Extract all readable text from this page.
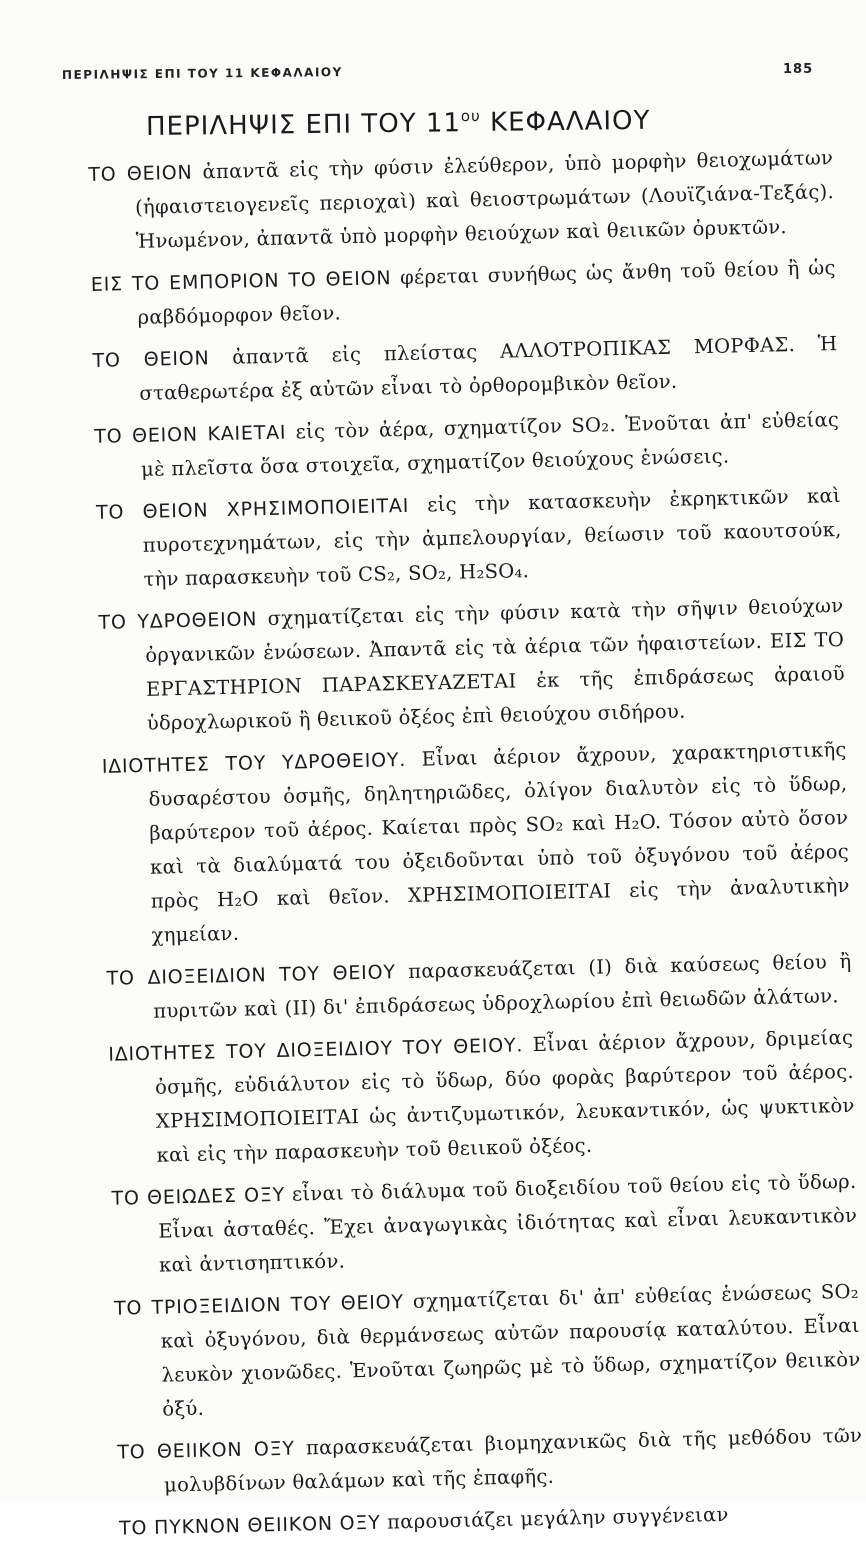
ΠΕΡΙΛΗΨΙΣ ΕΠΙ ΤΟΥ 11 ΚΕΦΑΛΑΙΟΥ	185
ΠΕΡΙΛΗΨΙΣ ΕΠΙ ΤΟΥ $11^{o\upsilon}$ ΚΕΦΑΛΑΙΟΥ

ΤΟ ΘΕΙΟΝ ἀπαντᾶ εἰς τὴν φύσιν ἐλεύθερον, ὑπὸ μορφὴν θειοχωμάτων (ἡφαιστειογενεῖς περιοχαὶ) καὶ θειοστρωμάτων (Λουϊζιάνα-Τεξάς). Ἡνωμένον, ἀπαντᾶ ὑπὸ μορφὴν θειούχων καὶ θειικῶν ὀρυκτῶν.

ΕΙΣ ΤΟ ΕΜΠΟΡΙΟΝ ΤΟ ΘΕΙΟΝ φέρεται συνήθως ὡς ἄνθη τοῦ θείου ἢ ὡς ραβδόμορφον θεῖον.

ΤΟ ΘΕΙΟΝ ἀπαντᾶ εἰς πλείστας ΑΛΛΟΤΡΟΠΙΚΑΣ ΜΟΡΦΑΣ. Ἡ σταθερωτέρα ἐξ αὐτῶν εἶναι τὸ ὀρθορομβικὸν θεῖον.

ΤΟ ΘΕΙΟΝ ΚΑΙΕΤΑΙ εἰς τὸν ἀέρα, σχηματίζον SO₂. Ἑνοῦται ἀπ' εὐθείας μὲ πλεῖστα ὅσα στοιχεῖα, σχηματίζον θειούχους ἑνώσεις.

ΤΟ ΘΕΙΟΝ ΧΡΗΣΙΜΟΠΟΙΕΙΤΑΙ εἰς τὴν κατασκευὴν ἐκρηκτικῶν καὶ πυροτεχνημάτων, εἰς τὴν ἀμπελουργίαν, θείωσιν τοῦ καουτσούκ, τὴν παρασκευὴν τοῦ CS₂, SO₂, H₂SO₄.

ΤΟ ΥΔΡΟΘΕΙΟΝ σχηματίζεται εἰς τὴν φύσιν κατὰ τὴν σῆψιν θειούχων ὀργανικῶν ἑνώσεων. Ἀπαντᾶ εἰς τὰ ἀέρια τῶν ἡφαιστείων. ΕΙΣ ΤΟ ΕΡΓΑΣΤΗΡΙΟΝ ΠΑΡΑΣΚΕΥΑΖΕΤΑΙ ἐκ τῆς ἐπιδράσεως ἀραιοῦ ὑδροχλωρικοῦ ἢ θειικοῦ ὀξέος ἐπὶ θειούχου σιδήρου.

ΙΔΙΟΤΗΤΕΣ ΤΟΥ ΥΔΡΟΘΕΙΟΥ. Εἶναι ἀέριον ἄχρουν, χαρακτηριστικῆς δυσαρέστου ὀσμῆς, δηλητηριῶδες, ὀλίγον διαλυτὸν εἰς τὸ ὕδωρ, βαρύτερον τοῦ ἀέρος. Καίεται πρὸς SO₂ καὶ H₂O. Τόσον αὐτὸ ὅσον καὶ τὰ διαλύματά του ὀξειδοῦνται ὑπὸ τοῦ ὀξυγόνου τοῦ ἀέρος πρὸς H₂O καὶ θεῖον. ΧΡΗΣΙΜΟΠΟΙΕΙΤΑΙ εἰς τὴν ἀναλυτικὴν χημείαν.

ΤΟ ΔΙΟΞΕΙΔΙΟΝ ΤΟΥ ΘΕΙΟΥ παρασκευάζεται (I) διὰ καύσεως θείου ἢ πυριτῶν καὶ (II) δι' ἐπιδράσεως ὑδροχλωρίου ἐπὶ θειωδῶν ἀλάτων.

ΙΔΙΟΤΗΤΕΣ ΤΟΥ ΔΙΟΞΕΙΔΙΟΥ ΤΟΥ ΘΕΙΟΥ. Εἶναι ἀέριον ἄχρουν, δριμείας ὀσμῆς, εὐδιάλυτον εἰς τὸ ὕδωρ, δύο φορὰς βαρύτερον τοῦ ἀέρος. ΧΡΗΣΙΜΟΠΟΙΕΙΤΑΙ ὡς ἀντιζυμωτικόν, λευκαντικόν, ὡς ψυκτικὸν καὶ εἰς τὴν παρασκευὴν τοῦ θειικοῦ ὀξέος.

ΤΟ ΘΕΙΩΔΕΣ ΟΞΥ εἶναι τὸ διάλυμα τοῦ διοξειδίου τοῦ θείου εἰς τὸ ὕδωρ. Εἶναι ἀσταθές. Ἔχει ἀναγωγικὰς ἰδιότητας καὶ εἶναι λευκαντικὸν καὶ ἀντισηπτικόν.

ΤΟ ΤΡΙΟΞΕΙΔΙΟΝ ΤΟΥ ΘΕΙΟΥ σχηματίζεται δι' ἀπ' εὐθείας ἑνώσεως SO₂ καὶ ὀξυγόνου, διὰ θερμάνσεως αὐτῶν παρουσίᾳ καταλύτου. Εἶναι λευκὸν χιονῶδες. Ἑνοῦται ζωηρῶς μὲ τὸ ὕδωρ, σχηματίζον θειικὸν ὀξύ.

ΤΟ ΘΕΙΙΚΟΝ ΟΞΥ παρασκευάζεται βιομηχανικῶς διὰ τῆς μεθόδου τῶν μολυβδίνων θαλάμων καὶ τῆς ἐπαφῆς.

ΤΟ ΠΥΚΝΟΝ ΘΕΙΙΚΟΝ ΟΞΥ παρουσιάζει μεγάλην συγγένειαν
